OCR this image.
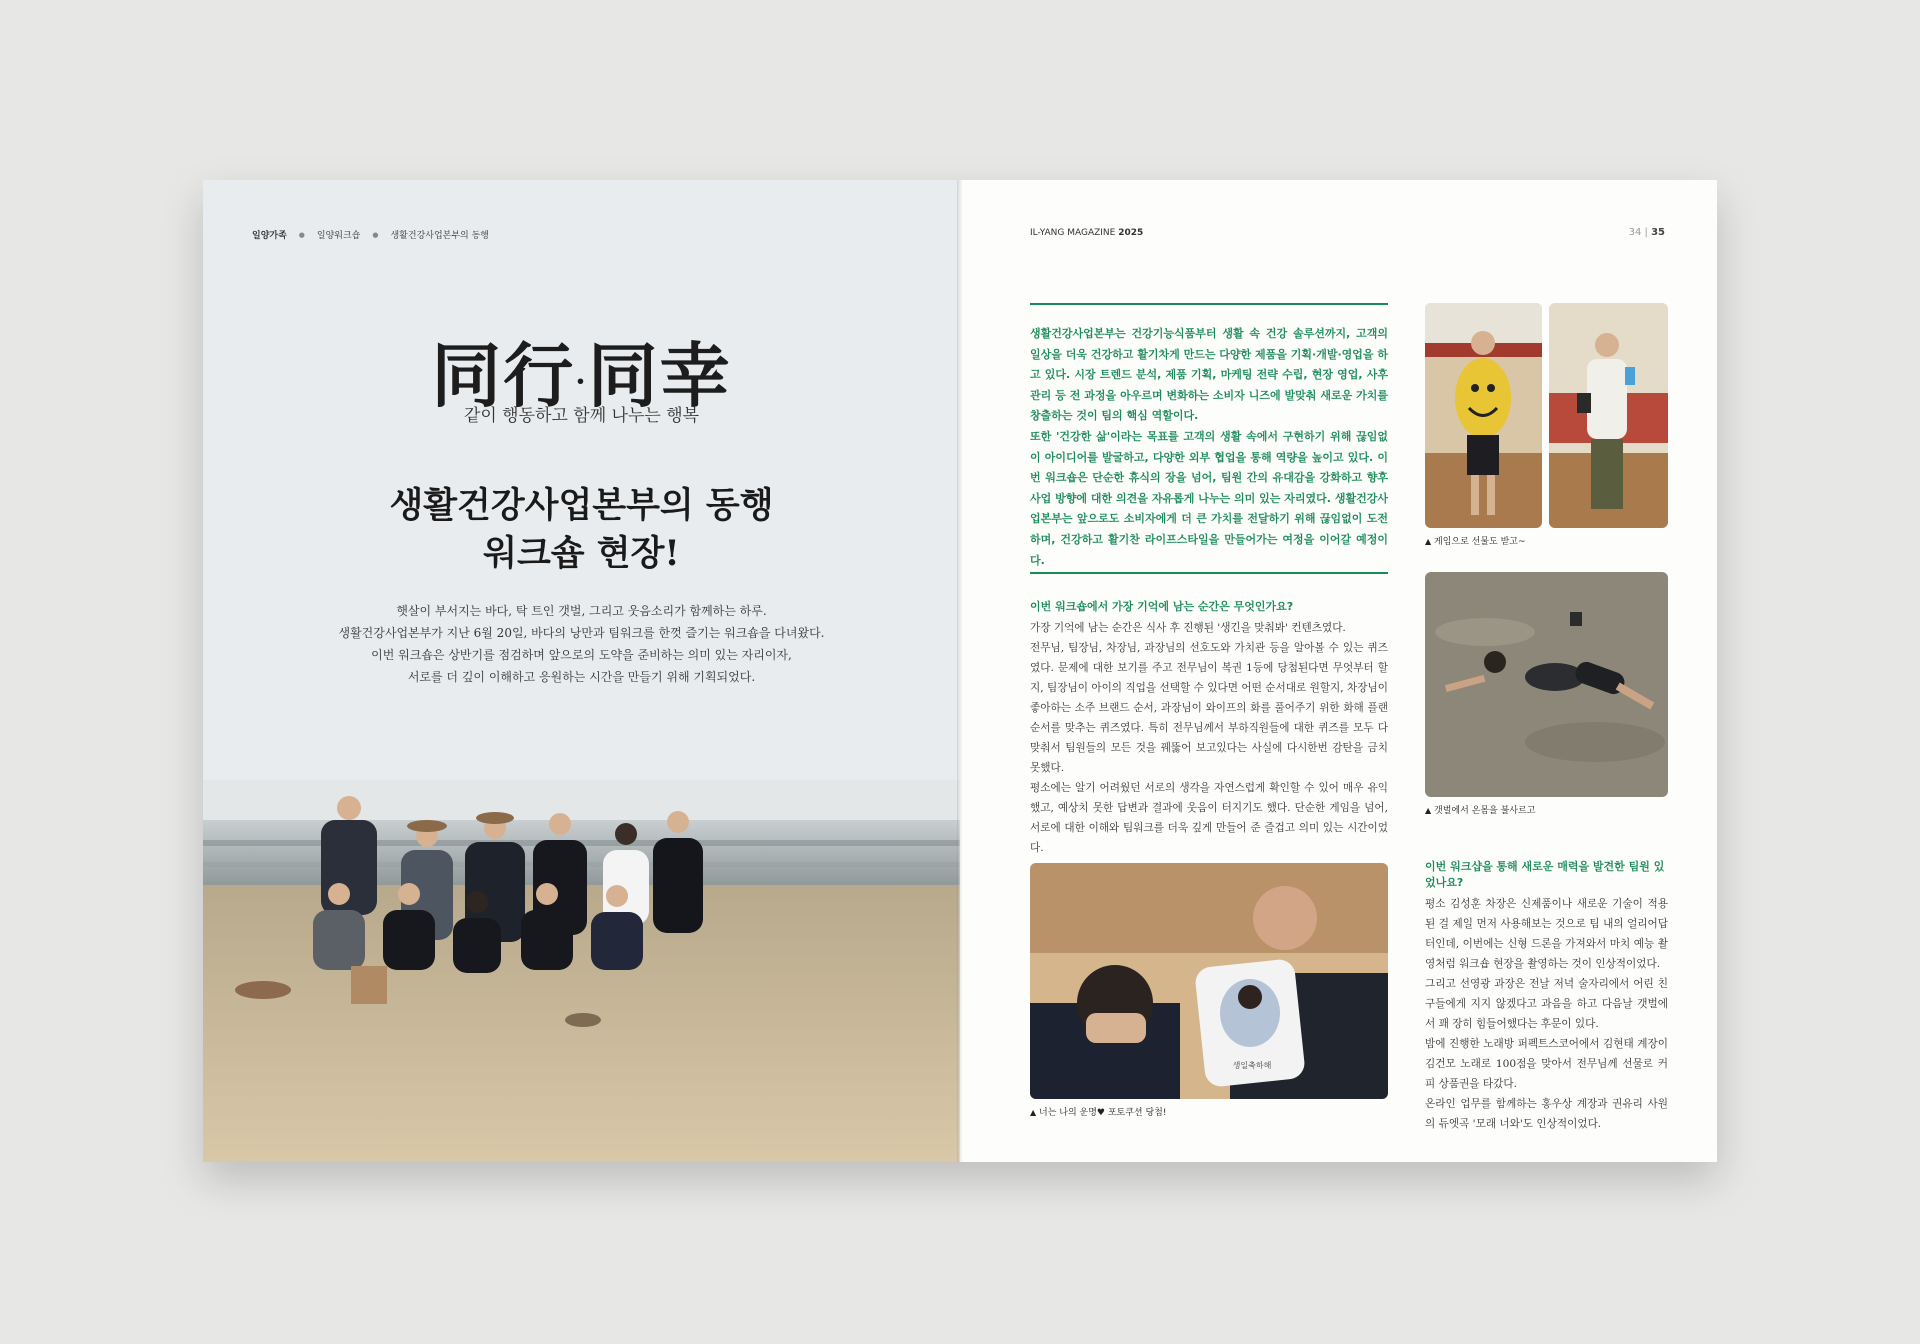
일양가족 ● 일양워크숍 ● 생활건강사업본부의 동행
同行·同幸
같이 행동하고 함께 나누는 행복
생활건강사업본부의 동행
워크숍 현장!
햇살이 부서지는 바다, 탁 트인 갯벌, 그리고 웃음소리가 함께하는 하루.
생활건강사업본부가 지난 6월 20일, 바다의 낭만과 팀워크를 한껏 즐기는 워크숍을 다녀왔다.
이번 워크숍은 상반기를 점검하며 앞으로의 도약을 준비하는 의미 있는 자리이자,
서로를 더 깊이 이해하고 응원하는 시간을 만들기 위해 기획되었다.
IL-YANG MAGAZINE 2025	34 | 35
생활건강사업본부는 건강기능식품부터 생활 속 건강 솔루션까지, 고객의 일상을 더욱 건강하고 활기차게 만드는 다양한 제품을 기획·개발·영업을 하고 있다. 시장 트렌드 분석, 제품 기획, 마케팅 전략 수립, 현장 영업, 사후관리 등 전 과정을 아우르며 변화하는 소비자 니즈에 발맞춰 새로운 가치를 창출하는 것이 팀의 핵심 역할이다.
또한 '건강한 삶'이라는 목표를 고객의 생활 속에서 구현하기 위해 끊임없이 아이디어를 발굴하고, 다양한 외부 협업을 통해 역량을 높이고 있다. 이번 워크숍은 단순한 휴식의 장을 넘어, 팀원 간의 유대감을 강화하고 향후 사업 방향에 대한 의견을 자유롭게 나누는 의미 있는 자리였다. 생활건강사업본부는 앞으로도 소비자에게 더 큰 가치를 전달하기 위해 끊임없이 도전하며, 건강하고 활기찬 라이프스타일을 만들어가는 여정을 이어갈 예정이다.
이번 워크숍에서 가장 기억에 남는 순간은 무엇인가요?
가장 기억에 남는 순간은 식사 후 진행된 '생긴을 맞춰봐' 컨텐츠였다.
전무님, 팀장님, 차장님, 과장님의 선호도와 가치관 등을 알아볼 수 있는 퀴즈였다. 문제에 대한 보기를 주고 전무님이 복권 1등에 당첨된다면 무엇부터 할지, 팀장님이 아이의 직업을 선택할 수 있다면 어떤 순서대로 원할지, 차장님이 좋아하는 소주 브랜드 순서, 과장님이 와이프의 화를 풀어주기 위한 화해 플랜 순서를 맞추는 퀴즈였다. 특히 전무님께서 부하직원들에 대한 퀴즈를 모두 다 맞춰서 팀원들의 모든 것을 꿰뚫어 보고있다는 사실에 다시한번 감탄을 금치 못했다.
평소에는 알기 어려웠던 서로의 생각을 자연스럽게 확인할 수 있어 매우 유익했고, 예상치 못한 답변과 결과에 웃음이 터지기도 했다. 단순한 게임을 넘어, 서로에 대한 이해와 팀워크를 더욱 깊게 만들어 준 즐겁고 의미 있는 시간이었다.
▲ 게임으로 선물도 받고~
▲ 갯벌에서 온몸을 불사르고
생일축하해
▲ 너는 나의 운명♥ 포토쿠션 당첨!
이번 워크샵을 통해 새로운 매력을 발견한 팀원 있었나요?
평소 김성훈 차장은 신제품이나 새로운 기술이 적용된 걸 제일 먼저 사용해보는 것으로 팀 내의 얼리어답터인데, 이번에는 신형 드론을 가져와서 마치 예능 촬영처럼 워크숍 현장을 촬영하는 것이 인상적이었다.
그리고 선영광 과장은 전날 저녁 술자리에서 어린 친구들에게 지지 않겠다고 과음을 하고 다음날 갯벌에서 꽤 장히 힘들어했다는 후문이 있다.
밤에 진행한 노래방 퍼펙트스코어에서 김현태 계장이 김건모 노래로 100점을 맞아서 전무님께 선물로 커피 상품권을 타갔다.
온라인 업무를 함께하는 홍우상 계장과 권유리 사원의 듀엣곡 '모래 너와'도 인상적이었다.
